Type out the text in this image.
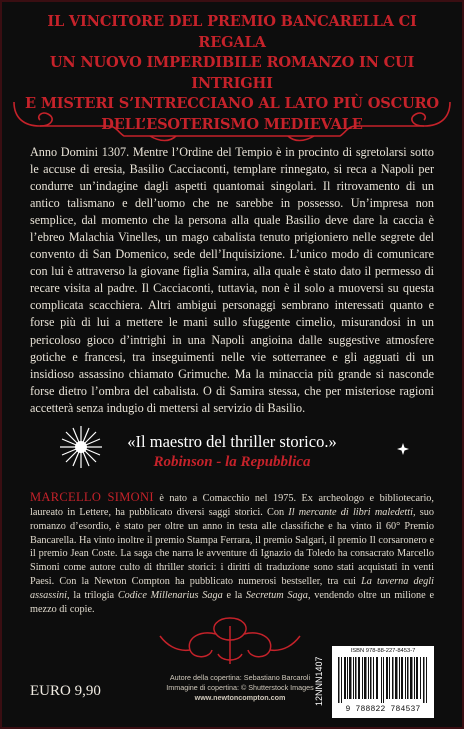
IL VINCITORE DEL PREMIO BANCARELLA CI REGALA
UN NUOVO IMPERDIBILE ROMANZO IN CUI INTRIGHI
E MISTERI S’INTRECCIANO AL LATO PIÙ OSCURO
DELL’ESOTERISMO MEDIEVALE

Anno Domini 1307. Mentre l’Ordine del Tempio è in procinto di sgretolarsi sotto le accuse di eresia, Basilio Cacciaconti, templare rinnegato, si reca a Napoli per condurre un’indagine dagli aspetti quantomai singolari. Il ritrovamento di un antico talismano e dell’uomo che ne sarebbe in possesso. Un’impresa non semplice, dal momento che la persona alla quale Basilio deve dare la caccia è l’ebreo Malachia Vinelles, un mago cabalista tenuto prigioniero nelle segrete del convento di San Domenico, sede dell’Inquisizione. L’unico modo di comunicare con lui è attraverso la giovane figlia Samira, alla quale è stato dato il permesso di recare visita al padre. Il Cacciaconti, tuttavia, non è il solo a muoversi su questa complicata scacchiera. Altri ambigui personaggi sembrano interessati quanto e forse più di lui a mettere le mani sullo sfuggente cimelio, misurandosi in un pericoloso gioco d’intrighi in una Napoli angioina dalle suggestive atmosfere gotiche e francesi, tra inseguimenti nelle vie sotterranee e gli agguati di un insidioso assassino chiamato Grimuche. Ma la minaccia più grande si nasconde forse dietro l’ombra del cabalista. O di Samira stessa, che per misteriose ragioni accetterà senza indugio di mettersi al servizio di Basilio.

«Il maestro del thriller storico.»
Robinson - la Repubblica

MARCELLO SIMONI è nato a Comacchio nel 1975. Ex archeologo e bibliotecario, laureato in Lettere, ha pubblicato diversi saggi storici. Con Il mercante di libri maledetti, suo romanzo d’esordio, è stato per oltre un anno in testa alle classifiche e ha vinto il 60° Premio Bancarella. Ha vinto inoltre il premio Stampa Ferrara, il premio Salgari, il premio Il corsaronero e il premio Jean Coste. La saga che narra le avventure di Ignazio da Toledo ha consacrato Marcello Simoni come autore culto di thriller storici: i diritti di traduzione sono stati acquistati in venti Paesi. Con la Newton Compton ha pubblicato numerosi bestseller, tra cui La taverna degli assassini, la trilogia Codice Millenarius Saga e la Secretum Saga, vendendo oltre un milione e mezzo di copie.

EURO 9,90
Autore della copertina: Sebastiano Barcaroli
Immagine di copertina: © Shutterstock Images
www.newtoncompton.com	12NNN1407
ISBN 978-88-227-8453-7
9 788822 784537
